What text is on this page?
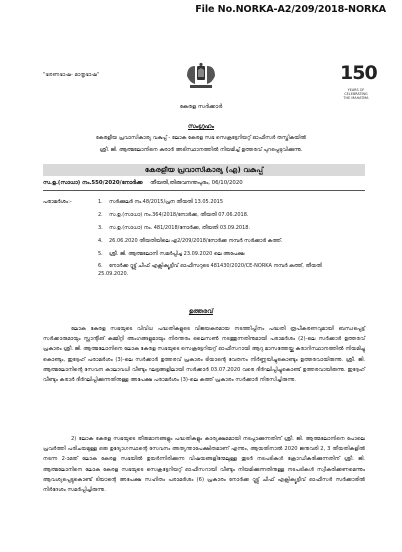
File No.NORKA-A2/209/2018-NORKA
"ഭരണഭാഷ- മാതൃഭാഷ"	150
YEARS OF
CELEBRATING
THE MAHATMA
കേരള സർക്കാർ
സംഗ്രഹം
കേരളീയ പ്രവാസികാര്യ വകുപ്പ് - ലോക കേരള സഭ സെക്രട്ടേറിയറ്റ് ഓഫീസർ തസ്തികയിൽ
ശ്രീ. ജി. ആത്മലോനിനെ കരാർ അടിസ്ഥാനത്തിൽ നിയമിച്ച് ഉത്തരവ് പുറപ്പെടുവിക്കുന്നു.
കേരളീയ പ്രവാസികാര്യ (എ) വകുപ്പ്
സ.ഉ.(സാധാ) നം.550/2020/നോർക്ക തീയതി,തിരുവനന്തപുരം, 06/10/2020
പരാമർശം:-	1. സർക്കുലർ നം.48/2015/പ്രന തീയതി 13.05.2015
2. സ.ഉ.(സാധാ) നം.364/2018/നോർക്ക, തീയതി 07.06.2018.
3. സ.ഉ.(സാധാ) നം. 481/2018/നോർക്ക, തീയതി 03.09.2018.
4. 26.06.2020 തീയതിയിലെ എ2/209/2018/നോർക്ക നമ്പർ സർക്കാർ കത്ത്.
5. ശ്രീ. ജി. ആത്മലോനി സമർപ്പിച്ച 23.09.2020 ലെ അപേക്ഷ
6. നോർക്ക റൂട്ട്സ് ചീഫ് എക്സിക്യൂട്ടീവ് ഓഫീസറുടെ 481430/2020/CE-NORKA നമ്പർ കത്ത്, തീയതി 25.09.2020.
ഉത്തരവ്
ലോക കേരള സഭയുടെ വിവിധ പദ്ധതികളുടെ വിജയകരമായ നടത്തിപ്പിനം പദ്ധതി രൂപീകരണവുമായി ബന്ധപ്പെട്ട് സർക്കാരുമായും സ്റ്റാന്റിങ് കമ്മിറ്റി അംഗങ്ങളുമായും നിരന്തരം ലൈസൺ നടത്തുന്നതിനുമായി പരാമർശം (2)-ലെ സർക്കാർ ഉത്തരവ് പ്രകാരം ശ്രീ. ജി. ആത്മലോനിനെ ലോക കേരള സഭയുടെ സെക്രട്ടേറിയറ്റ് ഓഫീസറായി ആറു മാസത്തേയ്ക്കു കരാറിസ്ഥാനത്തിൽ നിയമിച്ചു കൊണ്ടും, ഇദ്ദേഹ് പരാമർശം (3)-ലെ സർക്കാർ ഉത്തരവ് പ്രകാരം ടിയാന്റെ വേതനം നിർണ്ണയിച്ചുകൊണ്ടും ഉത്തരവായിരുന്നു. ശ്രീ. ജി. ആത്മലോനിന്റെ സേവന കാലാവധി വീണ്ടും ഘട്ടങ്ങളിലായി സർക്കാർ 03.07.2020 വരെ ദീർഘിപ്പിച്ചുകൊണ്ട് ഉത്തരവായിരുന്നു. ഇദ്ദേഹ് വീണ്ടും കരാർ ദീർഘിപ്പിക്കുന്നതിനുള്ള അപേക്ഷ പരാമർശം (3)-ലെ കത്ത് പ്രകാരം സർക്കാർ നിരസിച്ചിരുന്നു.
2) ലോക കേരള സഭയുടെ തീരുമാനങ്ങളും പദ്ധതികളും കാര്യക്ഷമമായി നടപ്പാക്കുന്നതിന് ശ്രീ. ജി. ആത്മലോനിനെ പോലെ പ്രവർത്തി പരിചയമുള്ള ഒരു ഉദ്യോഗസ്ഥന്റെ സേവനം അത്യന്താപേക്ഷിതമാണ് എന്നും, ആയതിനാൽ 2020 ജനുവരി 2, 3 തീയതികളിൽ നടന്ന 2-ാമത് ലോക കേരള സഭയിൽ ഉയർന്നിരിക്കുന്ന വിഷയങ്ങളിന്മേലുള്ള തുടർ നടപടികൾ ക്രോഡീകരിക്കുന്നതിന് ശ്രീ. ജി. ആത്മലോനിനെ ലോക കേരള സഭയുടെ സെക്രട്ടേറിയറ്റ് ഓഫീസറായി വീണ്ടും നിയമിക്കുന്നതിനുള്ള നടപടികൾ സ്വീകരിക്കണമെന്നും ആവശ്യപ്പെട്ടുകൊണ്ട് ടിയാന്റെ അപേക്ഷ സഹിതം പരാമർശം (6) പ്രകാരം നോർക്ക റൂട്ട്സ് ചീഫ് എക്സിക്യൂട്ടീവ് ഓഫീസർ സർക്കാരിൽ നിർദേശം സമർപ്പിച്ചിരുന്നു.
